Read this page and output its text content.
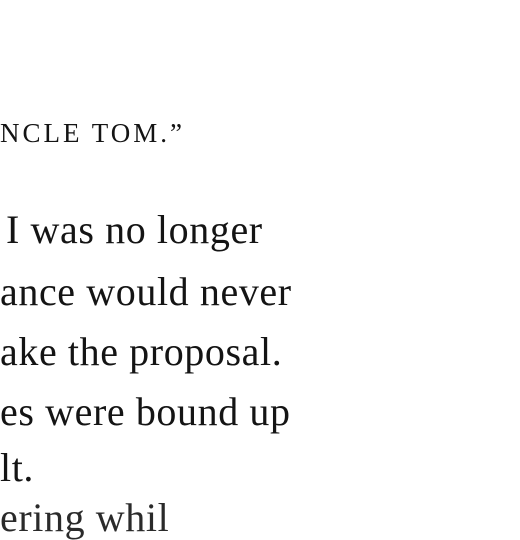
NCLE TOM.”
I was no longer
ance would never
ake the proposal.
es were bound up
lt.
ering whil
